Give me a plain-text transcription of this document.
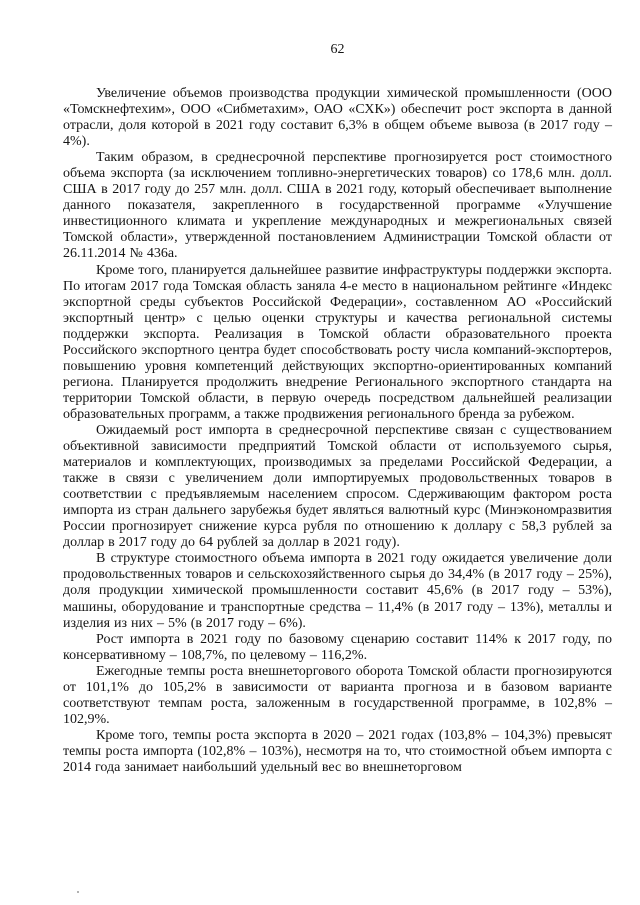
62

Увеличение объемов производства продукции химической промышленности (ООО «Томскнефтехим», ООО «Сибметахим», ОАО «СХК») обеспечит рост экспорта в данной отрасли, доля которой в 2021 году составит 6,3% в общем объеме вывоза (в 2017 году – 4%).

Таким образом, в среднесрочной перспективе прогнозируется рост стоимостного объема экспорта (за исключением топливно-энергетических товаров) со 178,6 млн. долл. США в 2017 году до 257 млн. долл. США в 2021 году, который обеспечивает выполнение данного показателя, закрепленного в государственной программе «Улучшение инвестиционного климата и укрепление международных и межрегиональных связей Томской области», утвержденной постановлением Администрации Томской области от 26.11.2014 № 436а.

Кроме того, планируется дальнейшее развитие инфраструктуры поддержки экспорта. По итогам 2017 года Томская область заняла 4-е место в национальном рейтинге «Индекс экспортной среды субъектов Российской Федерации», составленном АО «Российский экспортный центр» с целью оценки структуры и качества региональной системы поддержки экспорта. Реализация в Томской области образовательного проекта Российского экспортного центра будет способствовать росту числа компаний-экспортеров, повышению уровня компетенций действующих экспортно-ориентированных компаний региона. Планируется продолжить внедрение Регионального экспортного стандарта на территории Томской области, в первую очередь посредством дальнейшей реализации образовательных программ, а также продвижения регионального бренда за рубежом.

Ожидаемый рост импорта в среднесрочной перспективе связан с существованием объективной зависимости предприятий Томской области от используемого сырья, материалов и комплектующих, производимых за пределами Российской Федерации, а также в связи с увеличением доли импортируемых продовольственных товаров в соответствии с предъявляемым населением спросом. Сдерживающим фактором роста импорта из стран дальнего зарубежья будет являться валютный курс (Минэкономразвития России прогнозирует снижение курса рубля по отношению к доллару с 58,3 рублей за доллар в 2017 году до 64 рублей за доллар в 2021 году).

В структуре стоимостного объема импорта в 2021 году ожидается увеличение доли продовольственных товаров и сельскохозяйственного сырья до 34,4% (в 2017 году – 25%), доля продукции химической промышленности составит 45,6% (в 2017 году – 53%), машины, оборудование и транспортные средства – 11,4% (в 2017 году – 13%), металлы и изделия из них – 5% (в 2017 году – 6%).

Рост импорта в 2021 году по базовому сценарию составит 114% к 2017 году, по консервативному – 108,7%, по целевому – 116,2%.

Ежегодные темпы роста внешнеторгового оборота Томской области прогнозируются от 101,1% до 105,2% в зависимости от варианта прогноза и в базовом варианте соответствуют темпам роста, заложенным в государственной программе, в 102,8% – 102,9%.

Кроме того, темпы роста экспорта в 2020 – 2021 годах (103,8% – 104,3%) превысят темпы роста импорта (102,8% – 103%), несмотря на то, что стоимостной объем импорта с 2014 года занимает наибольший удельный вес во внешнеторговом
